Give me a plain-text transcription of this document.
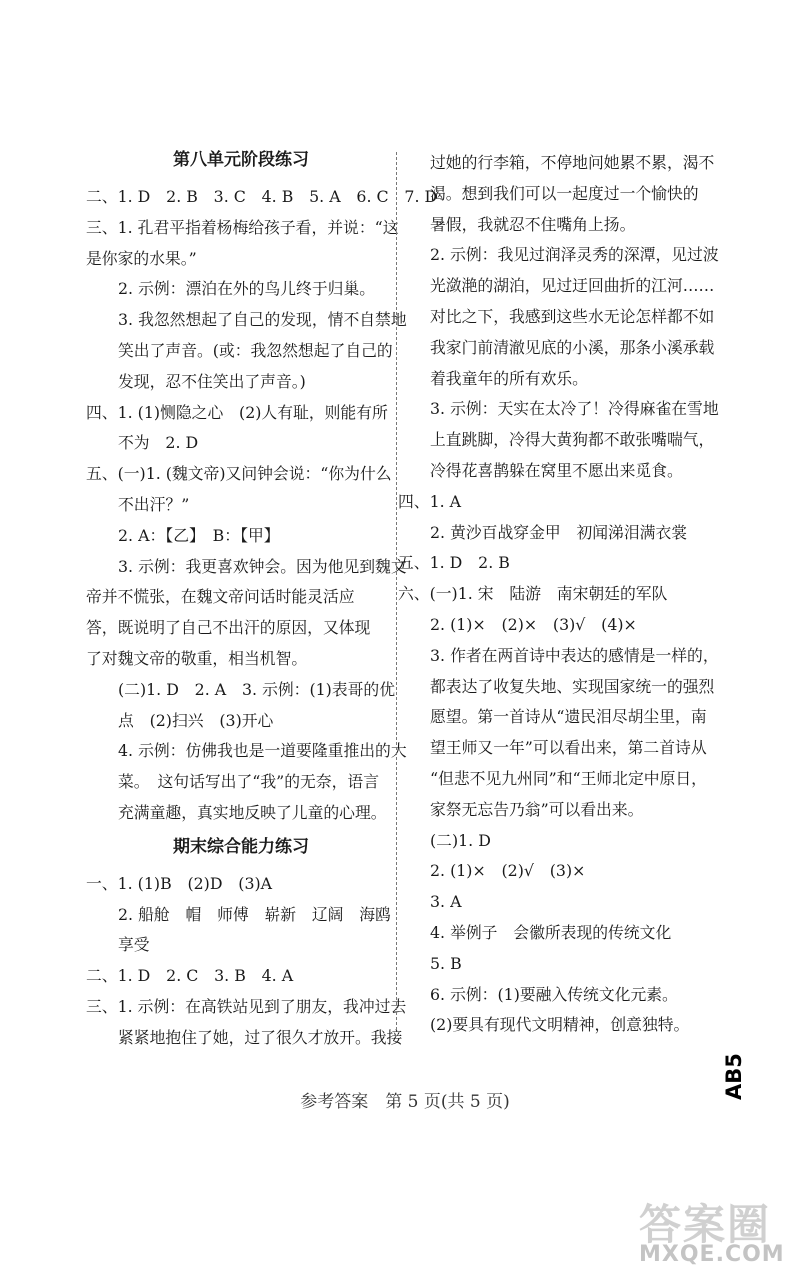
第八单元阶段练习
二、1. D　2. B　3. C　4. B　5. A　6. C　7. D
三、1. 孔君平指着杨梅给孩子看，并说：“这
是你家的水果。”
2. 示例：漂泊在外的鸟儿终于归巢。
3. 我忽然想起了自己的发现，情不自禁地
笑出了声音。(或：我忽然想起了自己的
发现，忍不住笑出了声音。)
四、1. (1)恻隐之心　(2)人有耻，则能有所
不为　2. D
五、(一)1. (魏文帝)又问钟会说：“你为什么
不出汗？”
2. A：【乙】　B：【甲】
3. 示例：我更喜欢钟会。因为他见到魏文
帝并不慌张，在魏文帝问话时能灵活应
答，既说明了自己不出汗的原因，又体现
了对魏文帝的敬重，相当机智。
(二)1. D　2. A　3. 示例：(1)表哥的优
点　(2)扫兴　(3)开心
4. 示例：仿佛我也是一道要隆重推出的大
菜。　这句话写出了“我”的无奈，语言
充满童趣，真实地反映了儿童的心理。
期末综合能力练习
一、1. (1)B　(2)D　(3)A
2. 船舱　帽　师傅　崭新　辽阔　海鸥
享受
二、1. D　2. C　3. B　4. A
三、1. 示例：在高铁站见到了朋友，我冲过去
紧紧地抱住了她，过了很久才放开。我接
过她的行李箱，不停地问她累不累，渴不
渴。想到我们可以一起度过一个愉快的
暑假，我就忍不住嘴角上扬。
2. 示例：我见过润泽灵秀的深潭，见过波
光潋滟的湖泊，见过迂回曲折的江河……
对比之下，我感到这些水无论怎样都不如
我家门前清澈见底的小溪，那条小溪承载
着我童年的所有欢乐。
3. 示例：天实在太冷了！冷得麻雀在雪地
上直跳脚，冷得大黄狗都不敢张嘴喘气，
冷得花喜鹊躲在窝里不愿出来觅食。
四、1. A
2. 黄沙百战穿金甲　初闻涕泪满衣裳
五、1. D　2. B
六、(一)1. 宋　陆游　南宋朝廷的军队
2. (1)×　(2)×　(3)√　(4)×
3. 作者在两首诗中表达的感情是一样的，
都表达了收复失地、实现国家统一的强烈
愿望。第一首诗从“遗民泪尽胡尘里，南
望王师又一年”可以看出来，第二首诗从
“但悲不见九州同”和“王师北定中原日，
家祭无忘告乃翁”可以看出来。
(二)1. D
2. (1)×　(2)√　(3)×
3. A
4. 举例子　会徽所表现的传统文化
5. B
6. 示例：(1)要融入传统文化元素。
(2)要具有现代文明精神，创意独特。
参考答案　第 5 页(共 5 页)
AB5
答案圈
MXQE.COM
